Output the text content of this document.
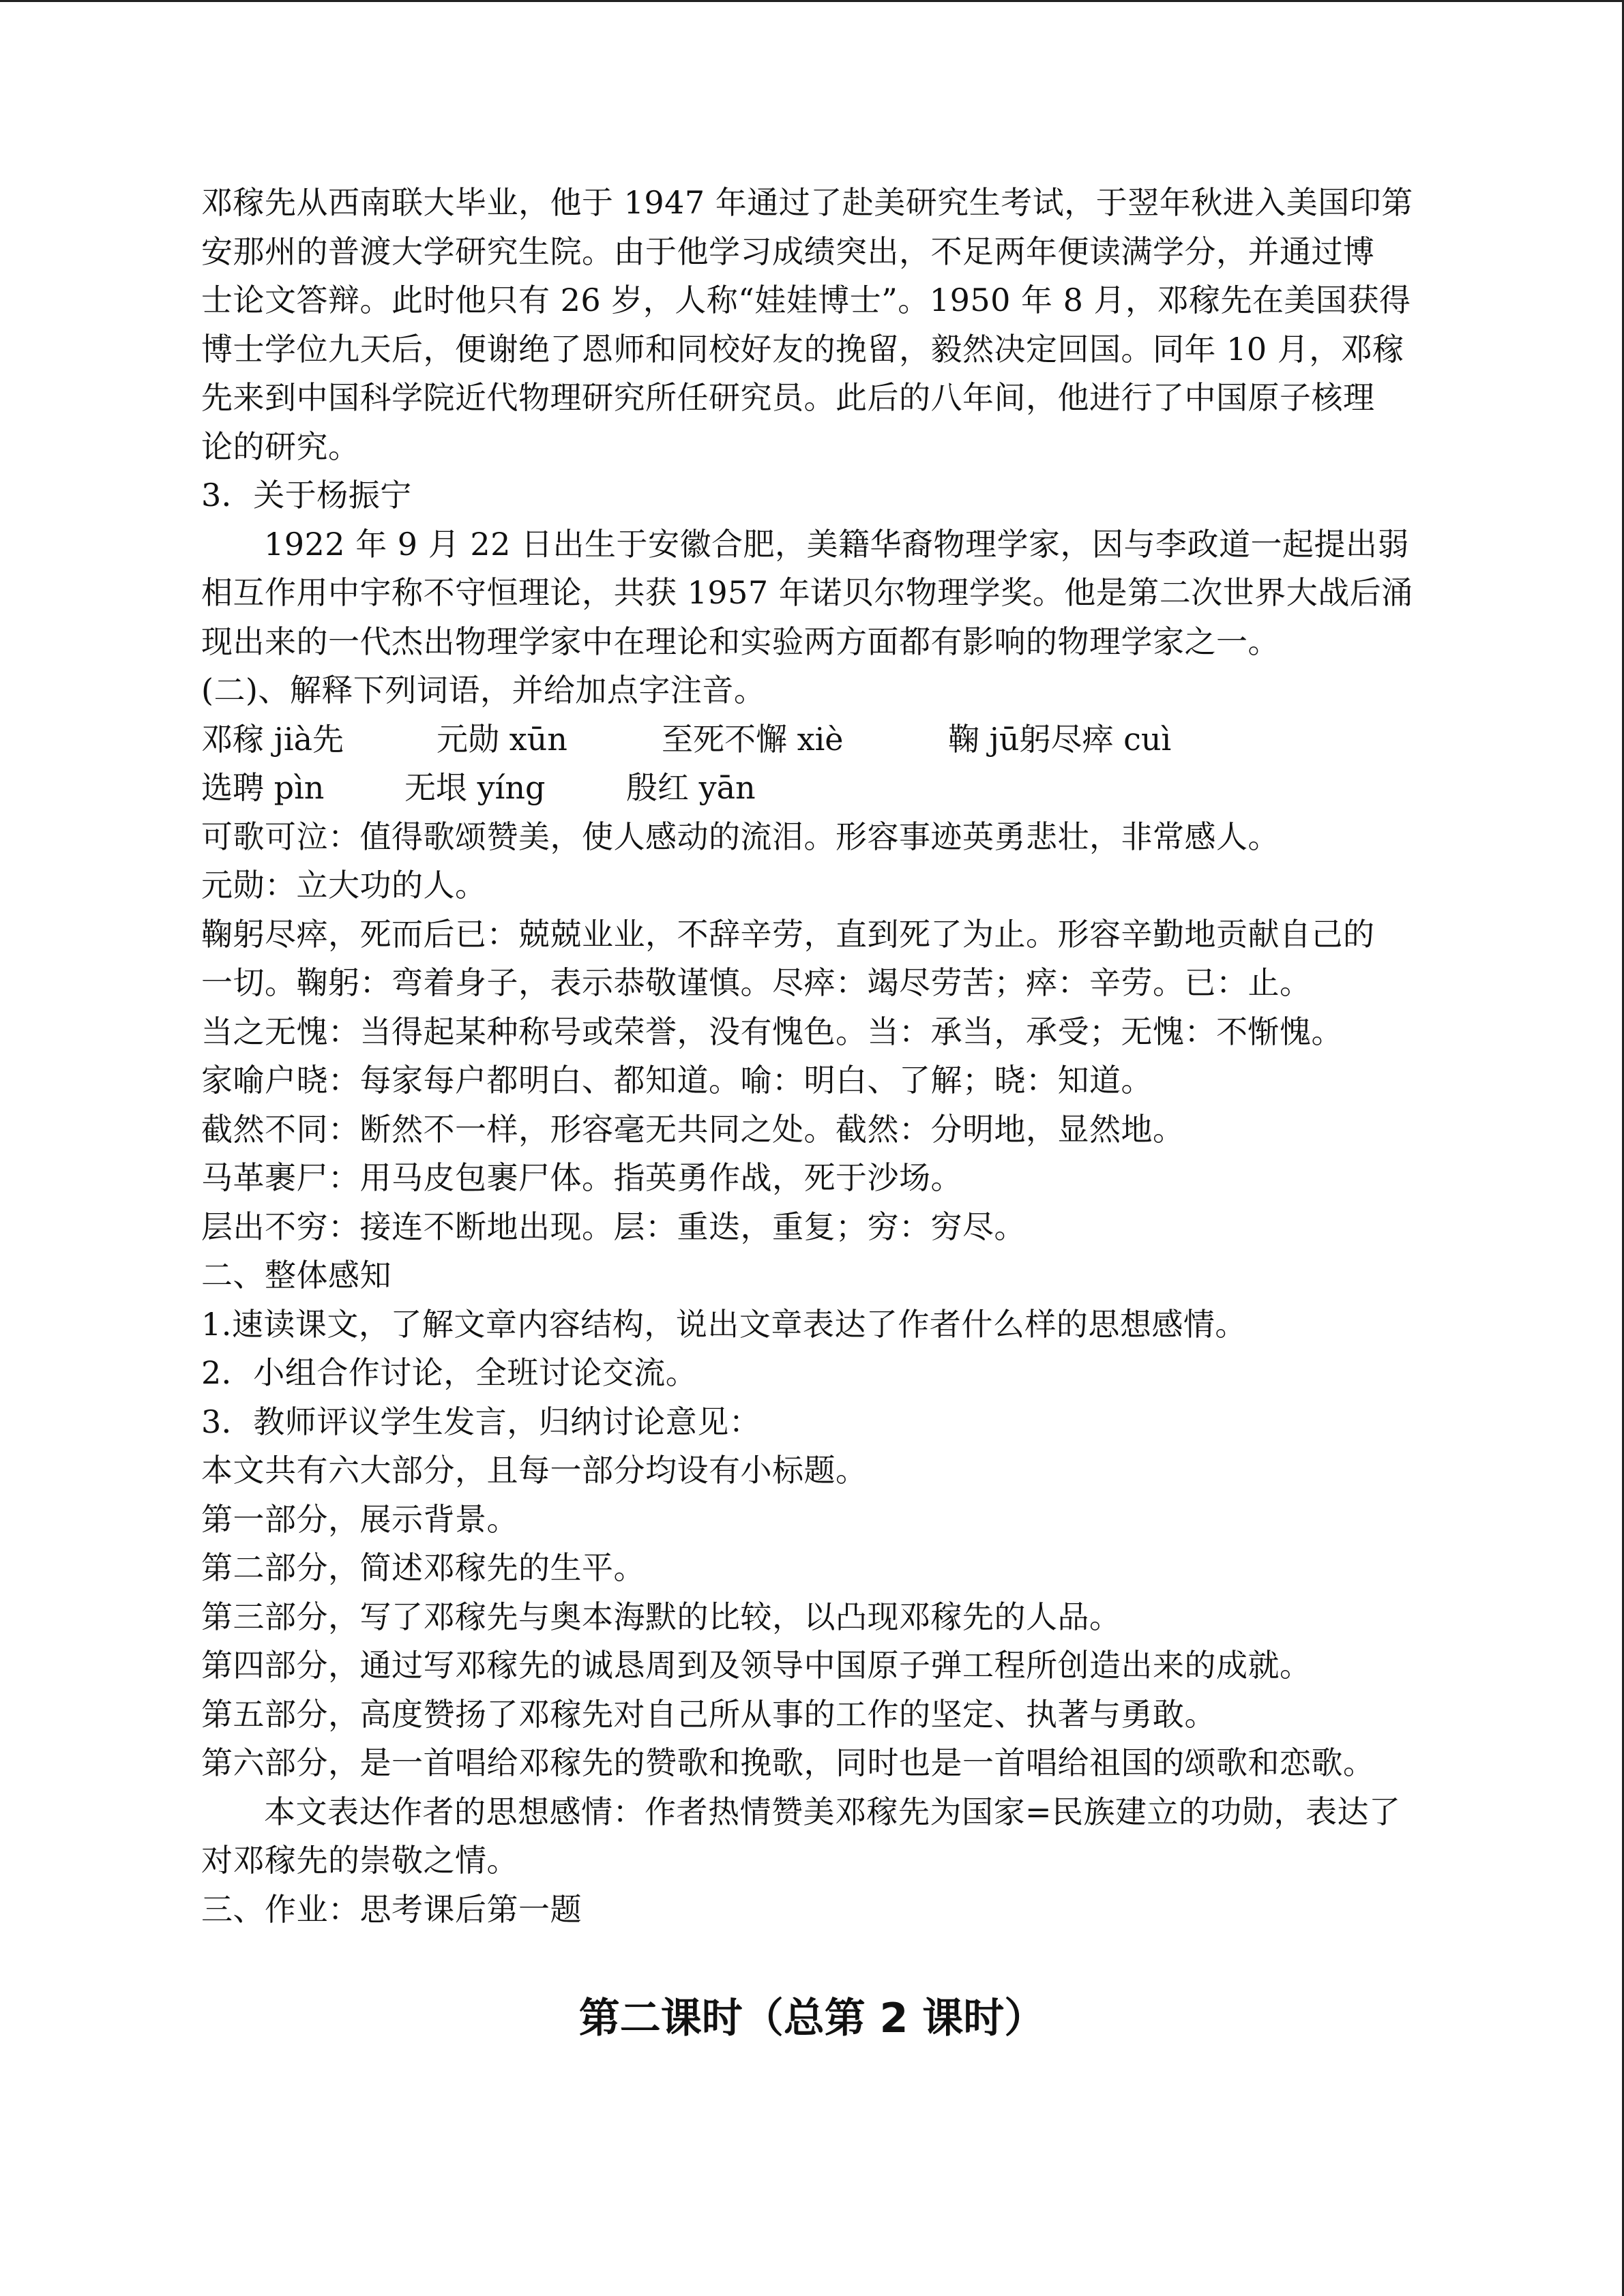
邓稼先从西南联大毕业，他于 1947 年通过了赴美研究生考试，于翌年秋进入美国印第
安那州的普渡大学研究生院。由于他学习成绩突出，不足两年便读满学分，并通过博
士论文答辩。此时他只有 26 岁，人称“娃娃博士”。1950 年 8 月，邓稼先在美国获得
博士学位九天后，便谢绝了恩师和同校好友的挽留，毅然决定回国。同年 10 月，邓稼
先来到中国科学院近代物理研究所任研究员。此后的八年间，他进行了中国原子核理
论的研究。
3．关于杨振宁
1922 年 9 月 22 日出生于安徽合肥，美籍华裔物理学家，因与李政道一起提出弱
相互作用中宇称不守恒理论，共获 1957 年诺贝尔物理学奖。他是第二次世界大战后涌
现出来的一代杰出物理学家中在理论和实验两方面都有影响的物理学家之一。
(二)、解释下列词语，并给加点字注音。
邓稼 jià先	元勋 xūn	至死不懈 xiè	鞠 jū躬尽瘁 cuì
选聘 pìn	无垠 yíng	殷红 yān
可歌可泣：值得歌颂赞美，使人感动的流泪。形容事迹英勇悲壮，非常感人。
元勋：立大功的人。
鞠躬尽瘁，死而后已：兢兢业业，不辞辛劳，直到死了为止。形容辛勤地贡献自己的
一切。鞠躬：弯着身子，表示恭敬谨慎。尽瘁：竭尽劳苦；瘁：辛劳。已：止。
当之无愧：当得起某种称号或荣誉，没有愧色。当：承当，承受；无愧：不惭愧。
家喻户晓：每家每户都明白、都知道。喻：明白、了解；晓：知道。
截然不同：断然不一样，形容毫无共同之处。截然：分明地，显然地。
马革裹尸：用马皮包裹尸体。指英勇作战，死于沙场。
层出不穷：接连不断地出现。层：重迭，重复；穷：穷尽。
二、整体感知
1.速读课文，了解文章内容结构，说出文章表达了作者什么样的思想感情。
2．小组合作讨论，全班讨论交流。
3．教师评议学生发言，归纳讨论意见：
本文共有六大部分，且每一部分均设有小标题。
第一部分，展示背景。
第二部分，简述邓稼先的生平。
第三部分，写了邓稼先与奥本海默的比较，以凸现邓稼先的人品。
第四部分，通过写邓稼先的诚恳周到及领导中国原子弹工程所创造出来的成就。
第五部分，高度赞扬了邓稼先对自己所从事的工作的坚定、执著与勇敢。
第六部分，是一首唱给邓稼先的赞歌和挽歌，同时也是一首唱给祖国的颂歌和恋歌。
本文表达作者的思想感情：作者热情赞美邓稼先为国家=民族建立的功勋，表达了
对邓稼先的崇敬之情。
三、作业：思考课后第一题
第二课时（总第 2 课时）
